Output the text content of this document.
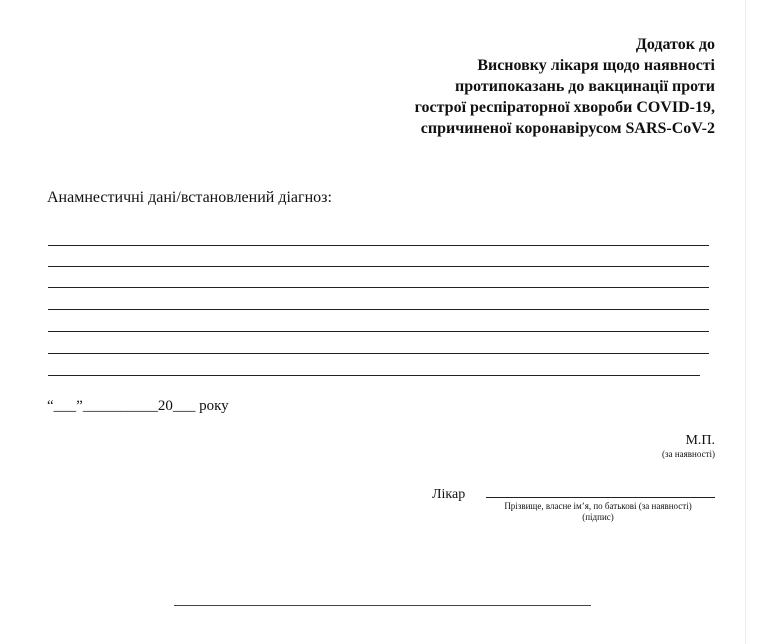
Додаток до
Висновку лікаря щодо наявності
протипоказань до вакцинації проти
гострої респіраторної хвороби COVID-19,
спричиненої коронавірусом SARS-CoV-2
Анамнестичні дані/встановлений діагноз:
“___”__________20___ року
М.П.
(за наявності)
Лікар
Прізвище, власне ім’я, по батькові (за наявності)
(підпис)
